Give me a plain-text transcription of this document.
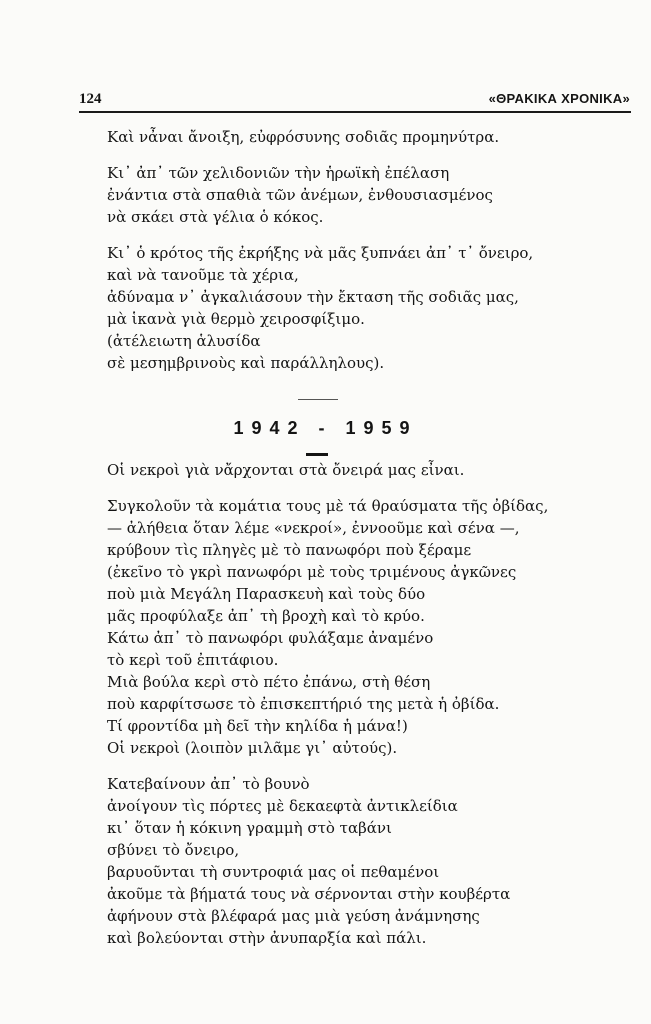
124	«ΘΡΑΚΙΚΑ ΧΡΟΝΙΚΑ»
Καὶ νἆναι ἄνοιξη, εὐφρόσυνης σοδιᾶς προμηνύτρα.
Κι᾽ ἀπ᾽ τῶν χελιδονιῶν τὴν ἡρωϊκὴ ἐπέλαση
ἐνάντια στὰ σπαθιὰ τῶν ἀνέμων, ἐνθουσιασμένος
νὰ σκάει στὰ γέλια ὁ κόκος.
Κι᾽ ὁ κρότος τῆς ἐκρήξης νὰ μᾶς ξυπνάει ἀπ᾽ τ᾽ ὄνειρο,
καὶ νὰ τανοῦμε τὰ χέρια,
ἀδύναμα ν᾽ ἀγκαλιάσουν τὴν ἔκταση τῆς σοδιᾶς μας,
μὰ ἱκανὰ γιὰ θερμὸ χειροσφίξιμο.
(ἀτέλειωτη ἁλυσίδα
σὲ μεσημβρινοὺς καὶ παράλληλους).
1942 - 1959
Οἱ νεκροὶ γιὰ νἄρχονται στὰ ὄνειρά μας εἶναι.
Συγκολοῦν τὰ κομάτια τους μὲ τά θραύσματα τῆς ὀβίδας,
— ἀλήθεια ὅταν λέμε «νεκροί», ἐννοοῦμε καὶ σένα —,
κρύβουν τὶς πληγὲς μὲ τὸ πανωφόρι ποὺ ξέραμε
(ἐκεῖνο τὸ γκρὶ πανωφόρι μὲ τοὺς τριμένους ἀγκῶνες
ποὺ μιὰ Μεγάλη Παρασκευὴ καὶ τοὺς δύο
μᾶς προφύλαξε ἀπ᾽ τὴ βροχὴ καὶ τὸ κρύο.
Κάτω ἀπ᾽ τὸ πανωφόρι φυλάξαμε ἀναμένο
τὸ κερὶ τοῦ ἐπιτάφιου.
Μιὰ βούλα κερὶ στὸ πέτο ἐπάνω, στὴ θέση
ποὺ καρφίτσωσε τὸ ἐπισκεπτήριό της μετὰ ἡ ὀβίδα.
Τί φροντίδα μὴ δεῖ τὴν κηλίδα ἡ μάνα!)
Οἱ νεκροὶ (λοιπὸν μιλᾶμε γι᾽ αὐτούς).
Κατεβαίνουν ἀπ᾽ τὸ βουνὸ
ἀνοίγουν τὶς πόρτες μὲ δεκαεφτὰ ἀντικλείδια
κι᾽ ὅταν ἡ κόκινη γραμμὴ στὸ ταβάνι
σβύνει τὸ ὄνειρο,
βαρυοῦνται τὴ συντροφιά μας οἱ πεθαμένοι
ἀκοῦμε τὰ βήματά τους νὰ σέρνονται στὴν κουβέρτα
ἀφήνουν στὰ βλέφαρά μας μιὰ γεύση ἀνάμνησης
καὶ βολεύονται στὴν ἀνυπαρξία καὶ πάλι.
